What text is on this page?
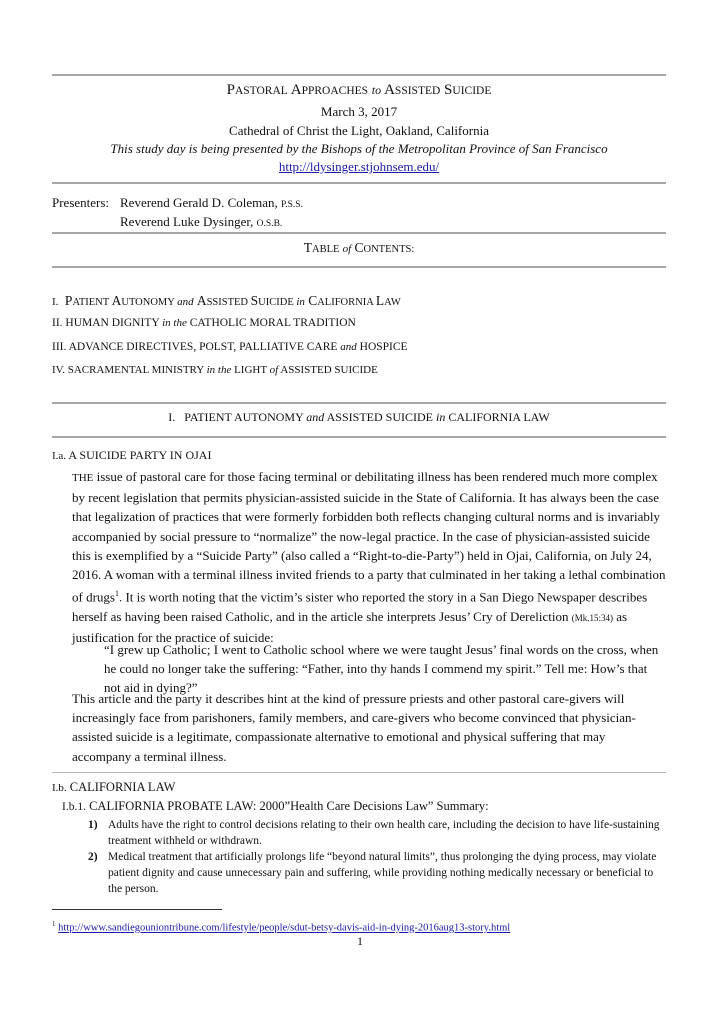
PASTORAL APPROACHES to ASSISTED SUICIDE
March 3, 2017
Cathedral of Christ the Light, Oakland, California
This study day is being presented by the Bishops of the Metropolitan Province of San Francisco
http://ldysinger.stjohnsem.edu/
Presenters: Reverend Gerald D. Coleman, P.S.S.
Reverend Luke Dysinger, O.S.B.
TABLE of CONTENTS:
I. PATIENT AUTONOMY and ASSISTED SUICIDE in CALIFORNIA LAW
II. HUMAN DIGNITY in the CATHOLIC MORAL TRADITION
III. ADVANCE DIRECTIVES, POLST, PALLIATIVE CARE and HOSPICE
IV. SACRAMENTAL MINISTRY in the LIGHT of ASSISTED SUICIDE
I. PATIENT AUTONOMY and ASSISTED SUICIDE in CALIFORNIA LAW
I.a. A SUICIDE PARTY IN OJAI
THE issue of pastoral care for those facing terminal or debilitating illness has been rendered much more complex by recent legislation that permits physician-assisted suicide in the State of California. It has always been the case that legalization of practices that were formerly forbidden both reflects changing cultural norms and is invariably accompanied by social pressure to “normalize” the now-legal practice. In the case of physician-assisted suicide this is exemplified by a “Suicide Party” (also called a “Right-to-die-Party”) held in Ojai, California, on July 24, 2016. A woman with a terminal illness invited friends to a party that culminated in her taking a lethal combination of drugs$^1$. It is worth noting that the victim’s sister who reported the story in a San Diego Newspaper describes herself as having been raised Catholic, and in the article she interprets Jesus’ Cry of Dereliction (Mk.15:34) as justification for the practice of suicide:
“I grew up Catholic; I went to Catholic school where we were taught Jesus’ final words on the cross, when he could no longer take the suffering: “Father, into thy hands I commend my spirit.” Tell me: How’s that not aid in dying?”
This article and the party it describes hint at the kind of pressure priests and other pastoral care-givers will increasingly face from parishoners, family members, and care-givers who become convinced that physician-assisted suicide is a legitimate, compassionate alternative to emotional and physical suffering that may accompany a terminal illness.
I.b. CALIFORNIA LAW
I.b.1. CALIFORNIA PROBATE LAW: 2000”Health Care Decisions Law” Summary:
1) Adults have the right to control decisions relating to their own health care, including the decision to have life-sustaining treatment withheld or withdrawn.
2) Medical treatment that artificially prolongs life “beyond natural limits”, thus prolonging the dying process, may violate patient dignity and cause unnecessary pain and suffering, while providing nothing medically necessary or beneficial to the person.
$^1$ http://www.sandiegouniontribune.com/lifestyle/people/sdut-betsy-davis-aid-in-dying-2016aug13-story.html
1
